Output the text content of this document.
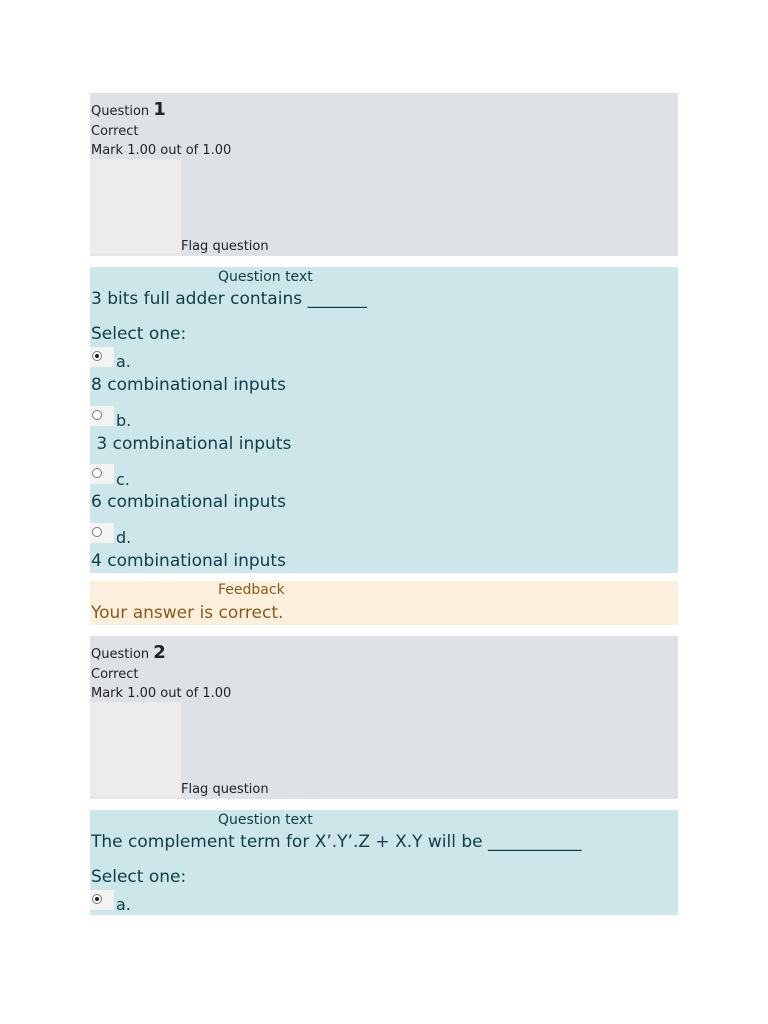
Question 1
Correct
Mark 1.00 out of 1.00
Flag question
Question text
3 bits full adder contains _______
Select one:
a.
8 combinational inputs
b.
3 combinational inputs
c.
6 combinational inputs
d.
4 combinational inputs
Feedback
Your answer is correct.
Question 2
Correct
Mark 1.00 out of 1.00
Flag question
Question text
The complement term for X’.Y’.Z + X.Y will be ___________
Select one:
a.
